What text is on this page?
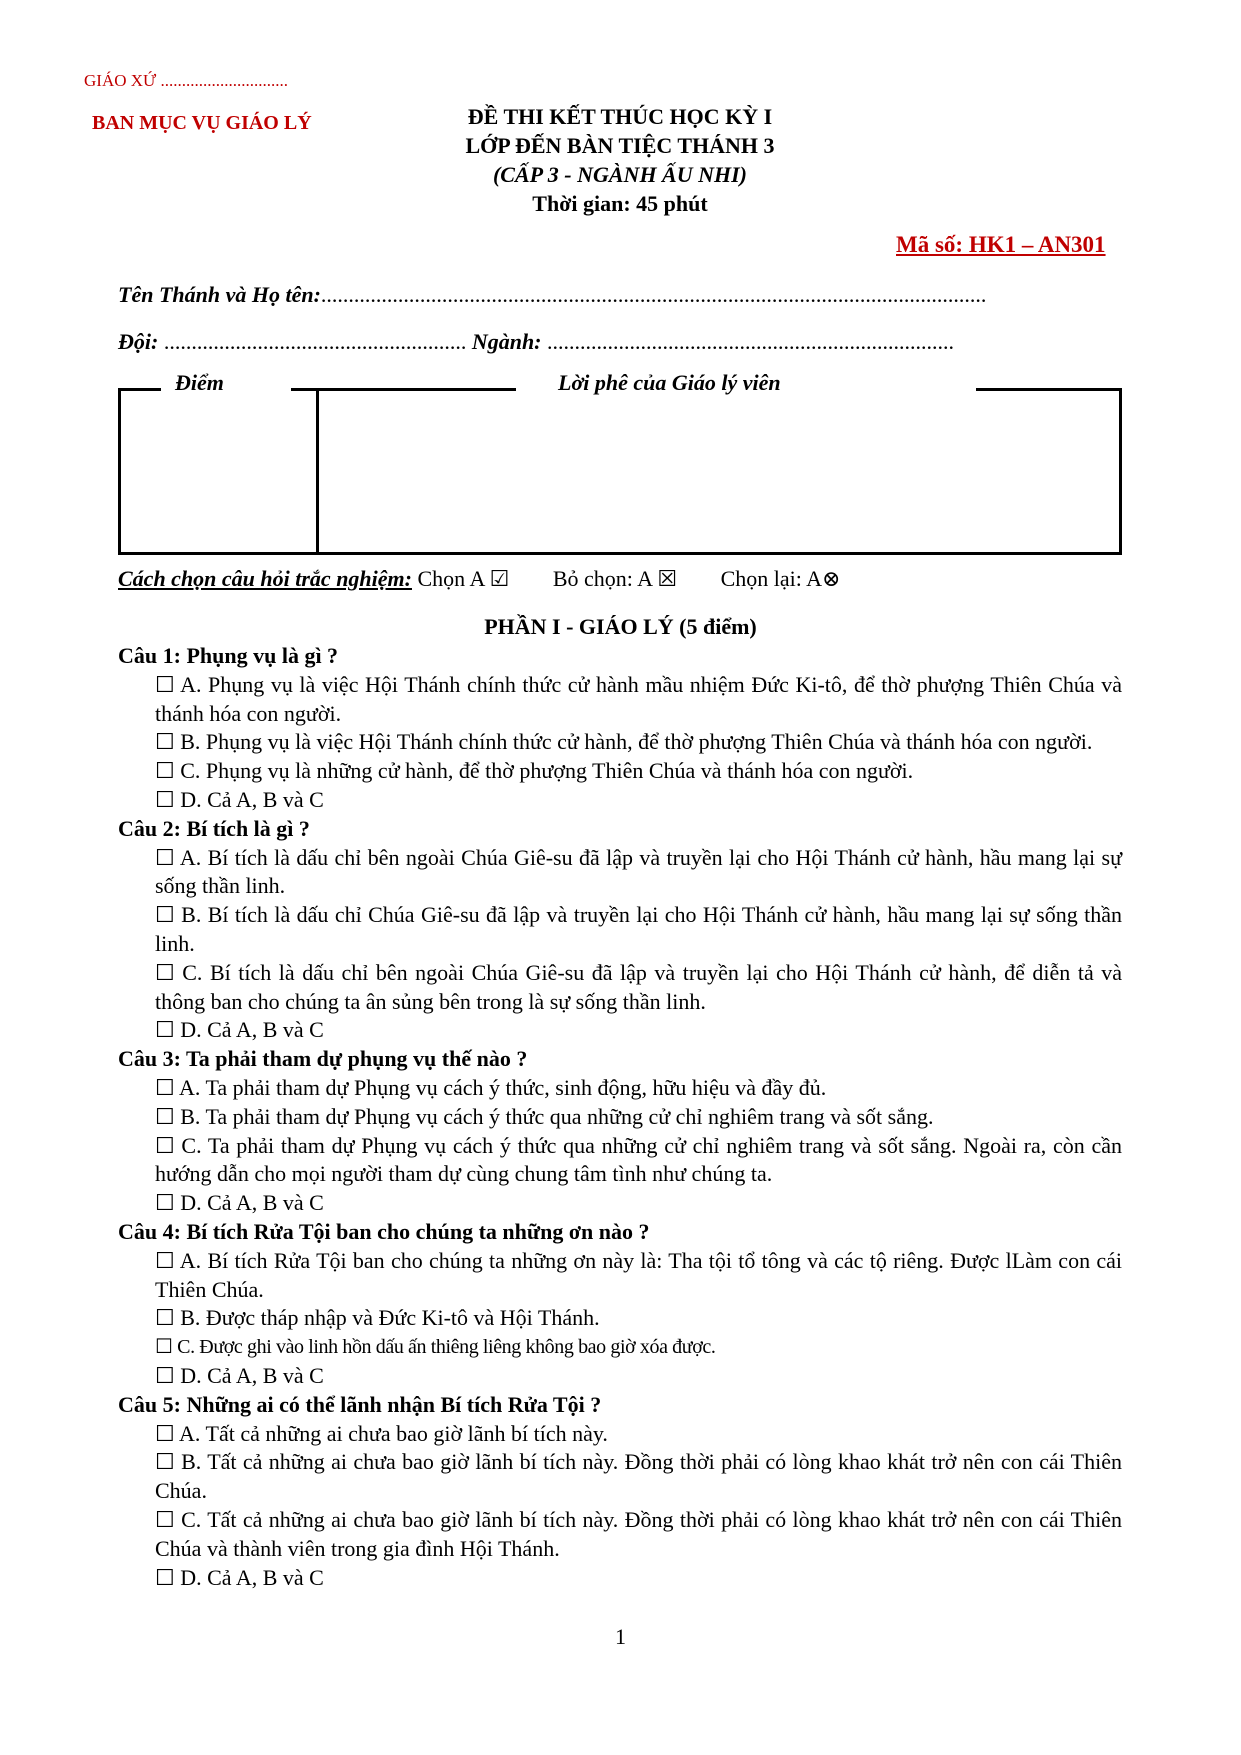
GIÁO XỨ ..............................
BAN MỤC VỤ GIÁO LÝ	ĐỀ THI KẾT THÚC HỌC KỲ I
LỚP ĐẾN BÀN TIỆC THÁNH 3
(CẤP 3 - NGÀNH ẤU NHI)
Thời gian: 45 phút
Mã số: HK1 – AN301
Tên Thánh và Họ tên:.........................................................................................................................
Đội: ....................................................... Ngành: ..........................................................................
Điểm	Lời phê của Giáo lý viên
Cách chọn câu hỏi trắc nghiệm: Chọn A ☑ Bỏ chọn: A ☒ Chọn lại: A⊗
PHẦN I - GIÁO LÝ (5 điểm)
Câu 1: Phụng vụ là gì ?
☐ A. Phụng vụ là việc Hội Thánh chính thức cử hành mầu nhiệm Đức Ki-tô, để thờ phượng Thiên Chúa và thánh hóa con người.
☐ B. Phụng vụ là việc Hội Thánh chính thức cử hành, để thờ phượng Thiên Chúa và thánh hóa con người.
☐ C. Phụng vụ là những cử hành, để thờ phượng Thiên Chúa và thánh hóa con người.
☐ D. Cả A, B và C
Câu 2: Bí tích là gì ?
☐ A. Bí tích là dấu chỉ bên ngoài Chúa Giê-su đã lập và truyền lại cho Hội Thánh cử hành, hầu mang lại sự sống thần linh.
☐ B. Bí tích là dấu chỉ Chúa Giê-su đã lập và truyền lại cho Hội Thánh cử hành, hầu mang lại sự sống thần linh.
☐ C. Bí tích là dấu chỉ bên ngoài Chúa Giê-su đã lập và truyền lại cho Hội Thánh cử hành, để diễn tả và thông ban cho chúng ta ân sủng bên trong là sự sống thần linh.
☐ D. Cả A, B và C
Câu 3: Ta phải tham dự phụng vụ thế nào ?
☐ A. Ta phải tham dự Phụng vụ cách ý thức, sinh động, hữu hiệu và đầy đủ.
☐ B. Ta phải tham dự Phụng vụ cách ý thức qua những cử chỉ nghiêm trang và sốt sắng.
☐ C. Ta phải tham dự Phụng vụ cách ý thức qua những cử chỉ nghiêm trang và sốt sắng. Ngoài ra, còn cần hướng dẫn cho mọi người tham dự cùng chung tâm tình như chúng ta.
☐ D. Cả A, B và C
Câu 4: Bí tích Rửa Tội ban cho chúng ta những ơn nào ?
☐ A. Bí tích Rửa Tội ban cho chúng ta những ơn này là: Tha tội tổ tông và các tộ riêng. Được lLàm con cái Thiên Chúa.
☐ B. Được tháp nhập và Đức Ki-tô và Hội Thánh.
☐ C. Được ghi vào linh hồn dấu ấn thiêng liêng không bao giờ xóa được.
☐ D. Cả A, B và C
Câu 5: Những ai có thể lãnh nhận Bí tích Rửa Tội ?
☐ A. Tất cả những ai chưa bao giờ lãnh bí tích này.
☐ B. Tất cả những ai chưa bao giờ lãnh bí tích này. Đồng thời phải có lòng khao khát trở nên con cái Thiên Chúa.
☐ C. Tất cả những ai chưa bao giờ lãnh bí tích này. Đồng thời phải có lòng khao khát trở nên con cái Thiên Chúa và thành viên trong gia đình Hội Thánh.
☐ D. Cả A, B và C
1
